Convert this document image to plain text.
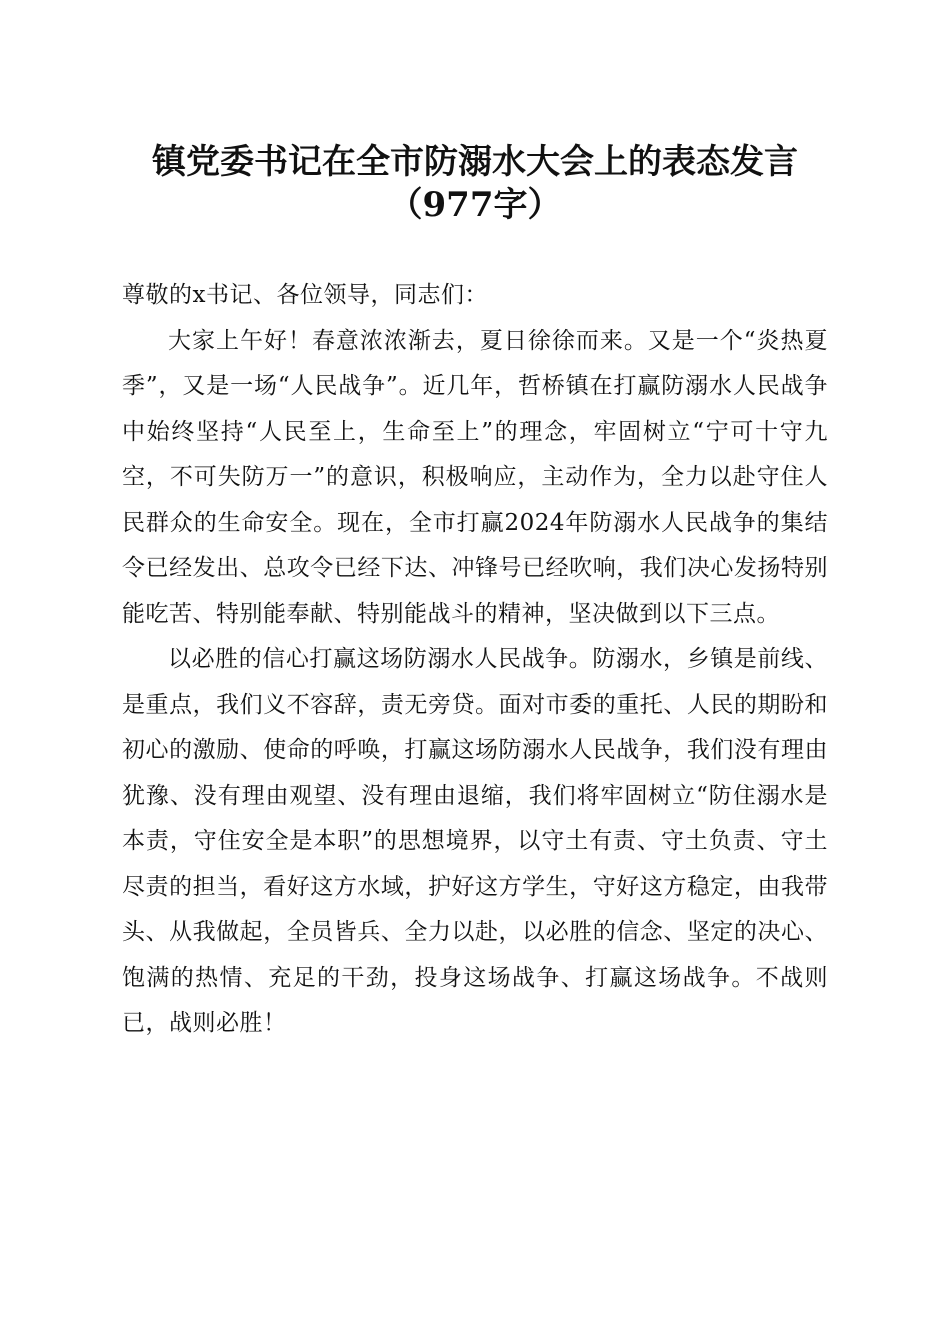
镇党委书记在全市防溺水大会上的表态发言
（977字）

尊敬的x书记、各位领导，同志们：

大家上午好！春意浓浓渐去，夏日徐徐而来。又是一个“炎热夏季”，又是一场“人民战争”。近几年，哲桥镇在打赢防溺水人民战争中始终坚持“人民至上，生命至上”的理念，牢固树立“宁可十守九空，不可失防万一”的意识，积极响应，主动作为，全力以赴守住人民群众的生命安全。现在，全市打赢2024年防溺水人民战争的集结令已经发出、总攻令已经下达、冲锋号已经吹响，我们决心发扬特别能吃苦、特别能奉献、特别能战斗的精神，坚决做到以下三点。

以必胜的信心打赢这场防溺水人民战争。防溺水，乡镇是前线、是重点，我们义不容辞，责无旁贷。面对市委的重托、人民的期盼和初心的激励、使命的呼唤，打赢这场防溺水人民战争，我们没有理由犹豫、没有理由观望、没有理由退缩，我们将牢固树立“防住溺水是本责，守住安全是本职”的思想境界，以守土有责、守土负责、守土尽责的担当，看好这方水域，护好这方学生，守好这方稳定，由我带头、从我做起，全员皆兵、全力以赴，以必胜的信念、坚定的决心、饱满的热情、充足的干劲，投身这场战争、打赢这场战争。不战则已，战则必胜！
